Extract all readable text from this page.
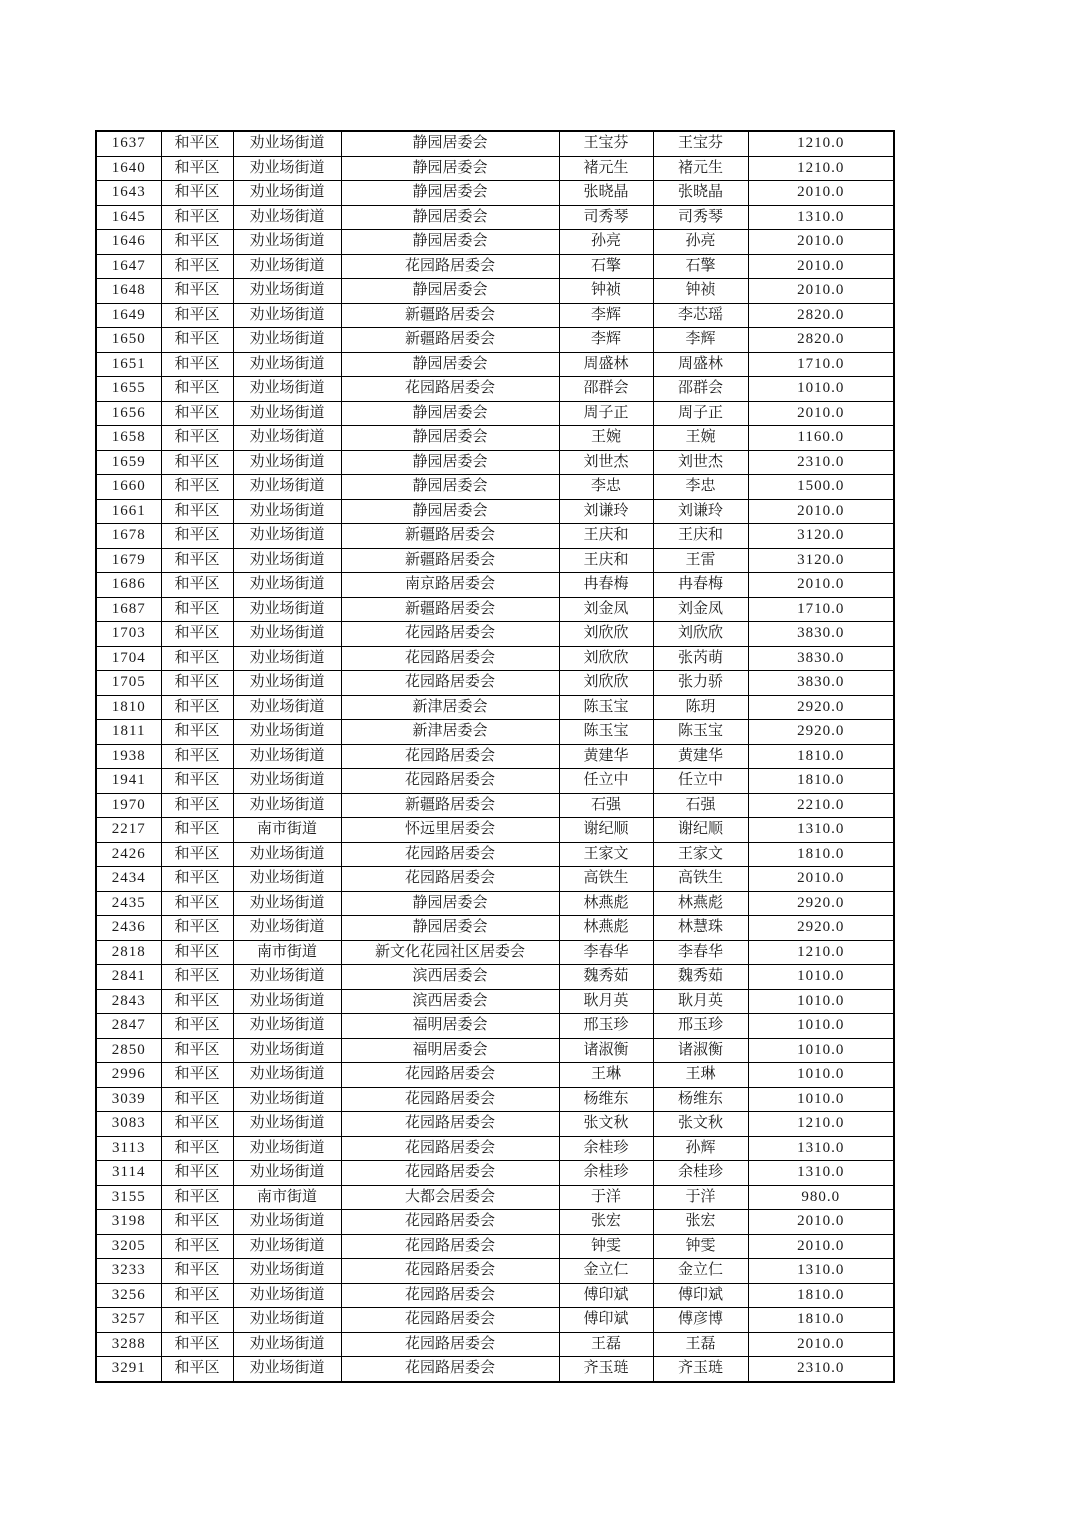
1637	和平区	劝业场街道	静园居委会	王宝芬	王宝芬	1210.0
1640	和平区	劝业场街道	静园居委会	褚元生	褚元生	1210.0
1643	和平区	劝业场街道	静园居委会	张晓晶	张晓晶	2010.0
1645	和平区	劝业场街道	静园居委会	司秀琴	司秀琴	1310.0
1646	和平区	劝业场街道	静园居委会	孙亮	孙亮	2010.0
1647	和平区	劝业场街道	花园路居委会	石擎	石擎	2010.0
1648	和平区	劝业场街道	静园居委会	钟祯	钟祯	2010.0
1649	和平区	劝业场街道	新疆路居委会	李辉	李芯瑶	2820.0
1650	和平区	劝业场街道	新疆路居委会	李辉	李辉	2820.0
1651	和平区	劝业场街道	静园居委会	周盛林	周盛林	1710.0
1655	和平区	劝业场街道	花园路居委会	邵群会	邵群会	1010.0
1656	和平区	劝业场街道	静园居委会	周子正	周子正	2010.0
1658	和平区	劝业场街道	静园居委会	王婉	王婉	1160.0
1659	和平区	劝业场街道	静园居委会	刘世杰	刘世杰	2310.0
1660	和平区	劝业场街道	静园居委会	李忠	李忠	1500.0
1661	和平区	劝业场街道	静园居委会	刘谦玲	刘谦玲	2010.0
1678	和平区	劝业场街道	新疆路居委会	王庆和	王庆和	3120.0
1679	和平区	劝业场街道	新疆路居委会	王庆和	王雷	3120.0
1686	和平区	劝业场街道	南京路居委会	冉春梅	冉春梅	2010.0
1687	和平区	劝业场街道	新疆路居委会	刘金凤	刘金凤	1710.0
1703	和平区	劝业场街道	花园路居委会	刘欣欣	刘欣欣	3830.0
1704	和平区	劝业场街道	花园路居委会	刘欣欣	张芮萌	3830.0
1705	和平区	劝业场街道	花园路居委会	刘欣欣	张力骄	3830.0
1810	和平区	劝业场街道	新津居委会	陈玉宝	陈玥	2920.0
1811	和平区	劝业场街道	新津居委会	陈玉宝	陈玉宝	2920.0
1938	和平区	劝业场街道	花园路居委会	黄建华	黄建华	1810.0
1941	和平区	劝业场街道	花园路居委会	任立中	任立中	1810.0
1970	和平区	劝业场街道	新疆路居委会	石强	石强	2210.0
2217	和平区	南市街道	怀远里居委会	谢纪顺	谢纪顺	1310.0
2426	和平区	劝业场街道	花园路居委会	王家文	王家文	1810.0
2434	和平区	劝业场街道	花园路居委会	高铁生	高铁生	2010.0
2435	和平区	劝业场街道	静园居委会	林燕彪	林燕彪	2920.0
2436	和平区	劝业场街道	静园居委会	林燕彪	林慧珠	2920.0
2818	和平区	南市街道	新文化花园社区居委会	李春华	李春华	1210.0
2841	和平区	劝业场街道	滨西居委会	魏秀茹	魏秀茹	1010.0
2843	和平区	劝业场街道	滨西居委会	耿月英	耿月英	1010.0
2847	和平区	劝业场街道	福明居委会	邢玉珍	邢玉珍	1010.0
2850	和平区	劝业场街道	福明居委会	诸淑衡	诸淑衡	1010.0
2996	和平区	劝业场街道	花园路居委会	王琳	王琳	1010.0
3039	和平区	劝业场街道	花园路居委会	杨维东	杨维东	1010.0
3083	和平区	劝业场街道	花园路居委会	张文秋	张文秋	1210.0
3113	和平区	劝业场街道	花园路居委会	余桂珍	孙辉	1310.0
3114	和平区	劝业场街道	花园路居委会	余桂珍	余桂珍	1310.0
3155	和平区	南市街道	大都会居委会	于洋	于洋	980.0
3198	和平区	劝业场街道	花园路居委会	张宏	张宏	2010.0
3205	和平区	劝业场街道	花园路居委会	钟雯	钟雯	2010.0
3233	和平区	劝业场街道	花园路居委会	金立仁	金立仁	1310.0
3256	和平区	劝业场街道	花园路居委会	傅印斌	傅印斌	1810.0
3257	和平区	劝业场街道	花园路居委会	傅印斌	傅彦博	1810.0
3288	和平区	劝业场街道	花园路居委会	王磊	王磊	2010.0
3291	和平区	劝业场街道	花园路居委会	齐玉琏	齐玉琏	2310.0
